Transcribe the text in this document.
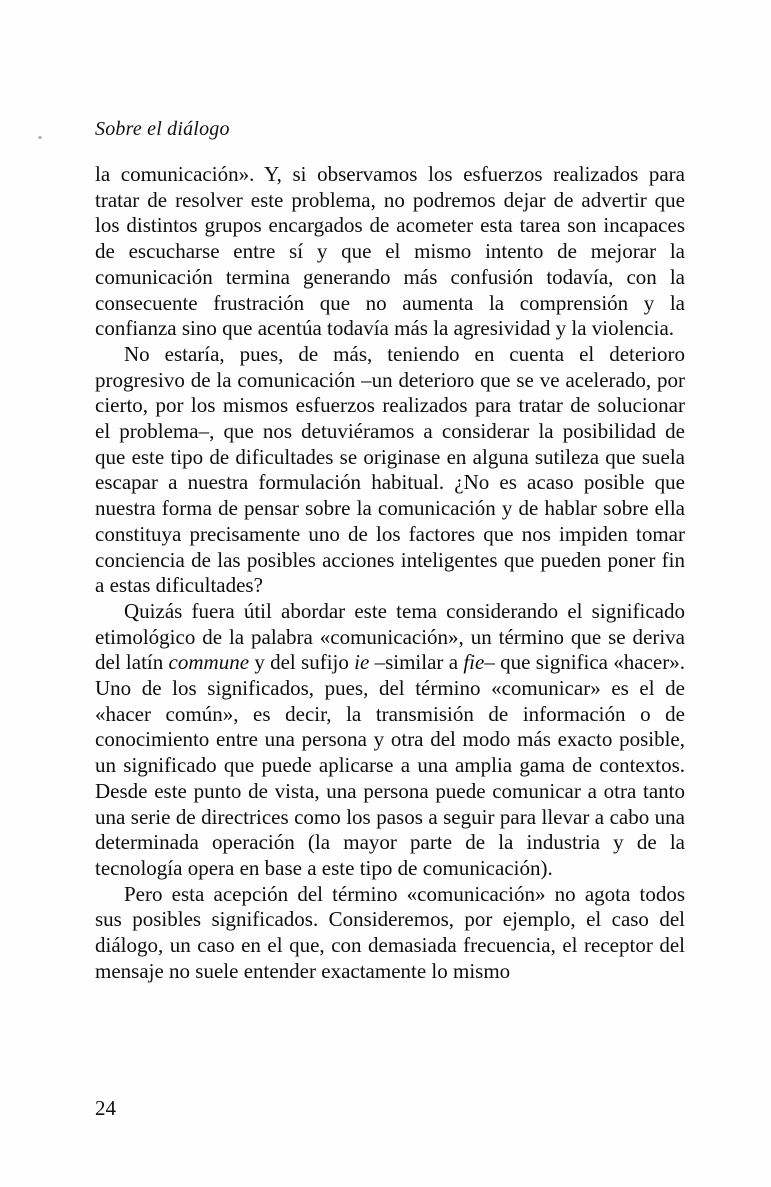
Sobre el diálogo

la comunicación». Y, si observamos los esfuerzos realizados para tratar de resolver este problema, no podremos dejar de advertir que los distintos grupos encargados de acometer esta tarea son incapaces de escucharse entre sí y que el mismo intento de mejorar la comunicación termina generando más confusión todavía, con la consecuente frustración que no aumenta la comprensión y la confianza sino que acentúa todavía más la agresividad y la violencia.

No estaría, pues, de más, teniendo en cuenta el deterioro progresivo de la comunicación –un deterioro que se ve acelerado, por cierto, por los mismos esfuerzos realizados para tratar de solucionar el problema–, que nos detuviéramos a considerar la posibilidad de que este tipo de dificultades se originase en alguna sutileza que suela escapar a nuestra formulación habitual. ¿No es acaso posible que nuestra forma de pensar sobre la comunicación y de hablar sobre ella constituya precisamente uno de los factores que nos impiden tomar conciencia de las posibles acciones inteligentes que pueden poner fin a estas dificultades?

Quizás fuera útil abordar este tema considerando el significado etimológico de la palabra «comunicación», un término que se deriva del latín commune y del sufijo ie –similar a fie– que significa «hacer». Uno de los significados, pues, del término «comunicar» es el de «hacer común», es decir, la transmisión de información o de conocimiento entre una persona y otra del modo más exacto posible, un significado que puede aplicarse a una amplia gama de contextos. Desde este punto de vista, una persona puede comunicar a otra tanto una serie de directrices como los pasos a seguir para llevar a cabo una determinada operación (la mayor parte de la industria y de la tecnología opera en base a este tipo de comunicación).

Pero esta acepción del término «comunicación» no agota todos sus posibles significados. Consideremos, por ejemplo, el caso del diálogo, un caso en el que, con demasiada frecuencia, el receptor del mensaje no suele entender exactamente lo mismo

24
